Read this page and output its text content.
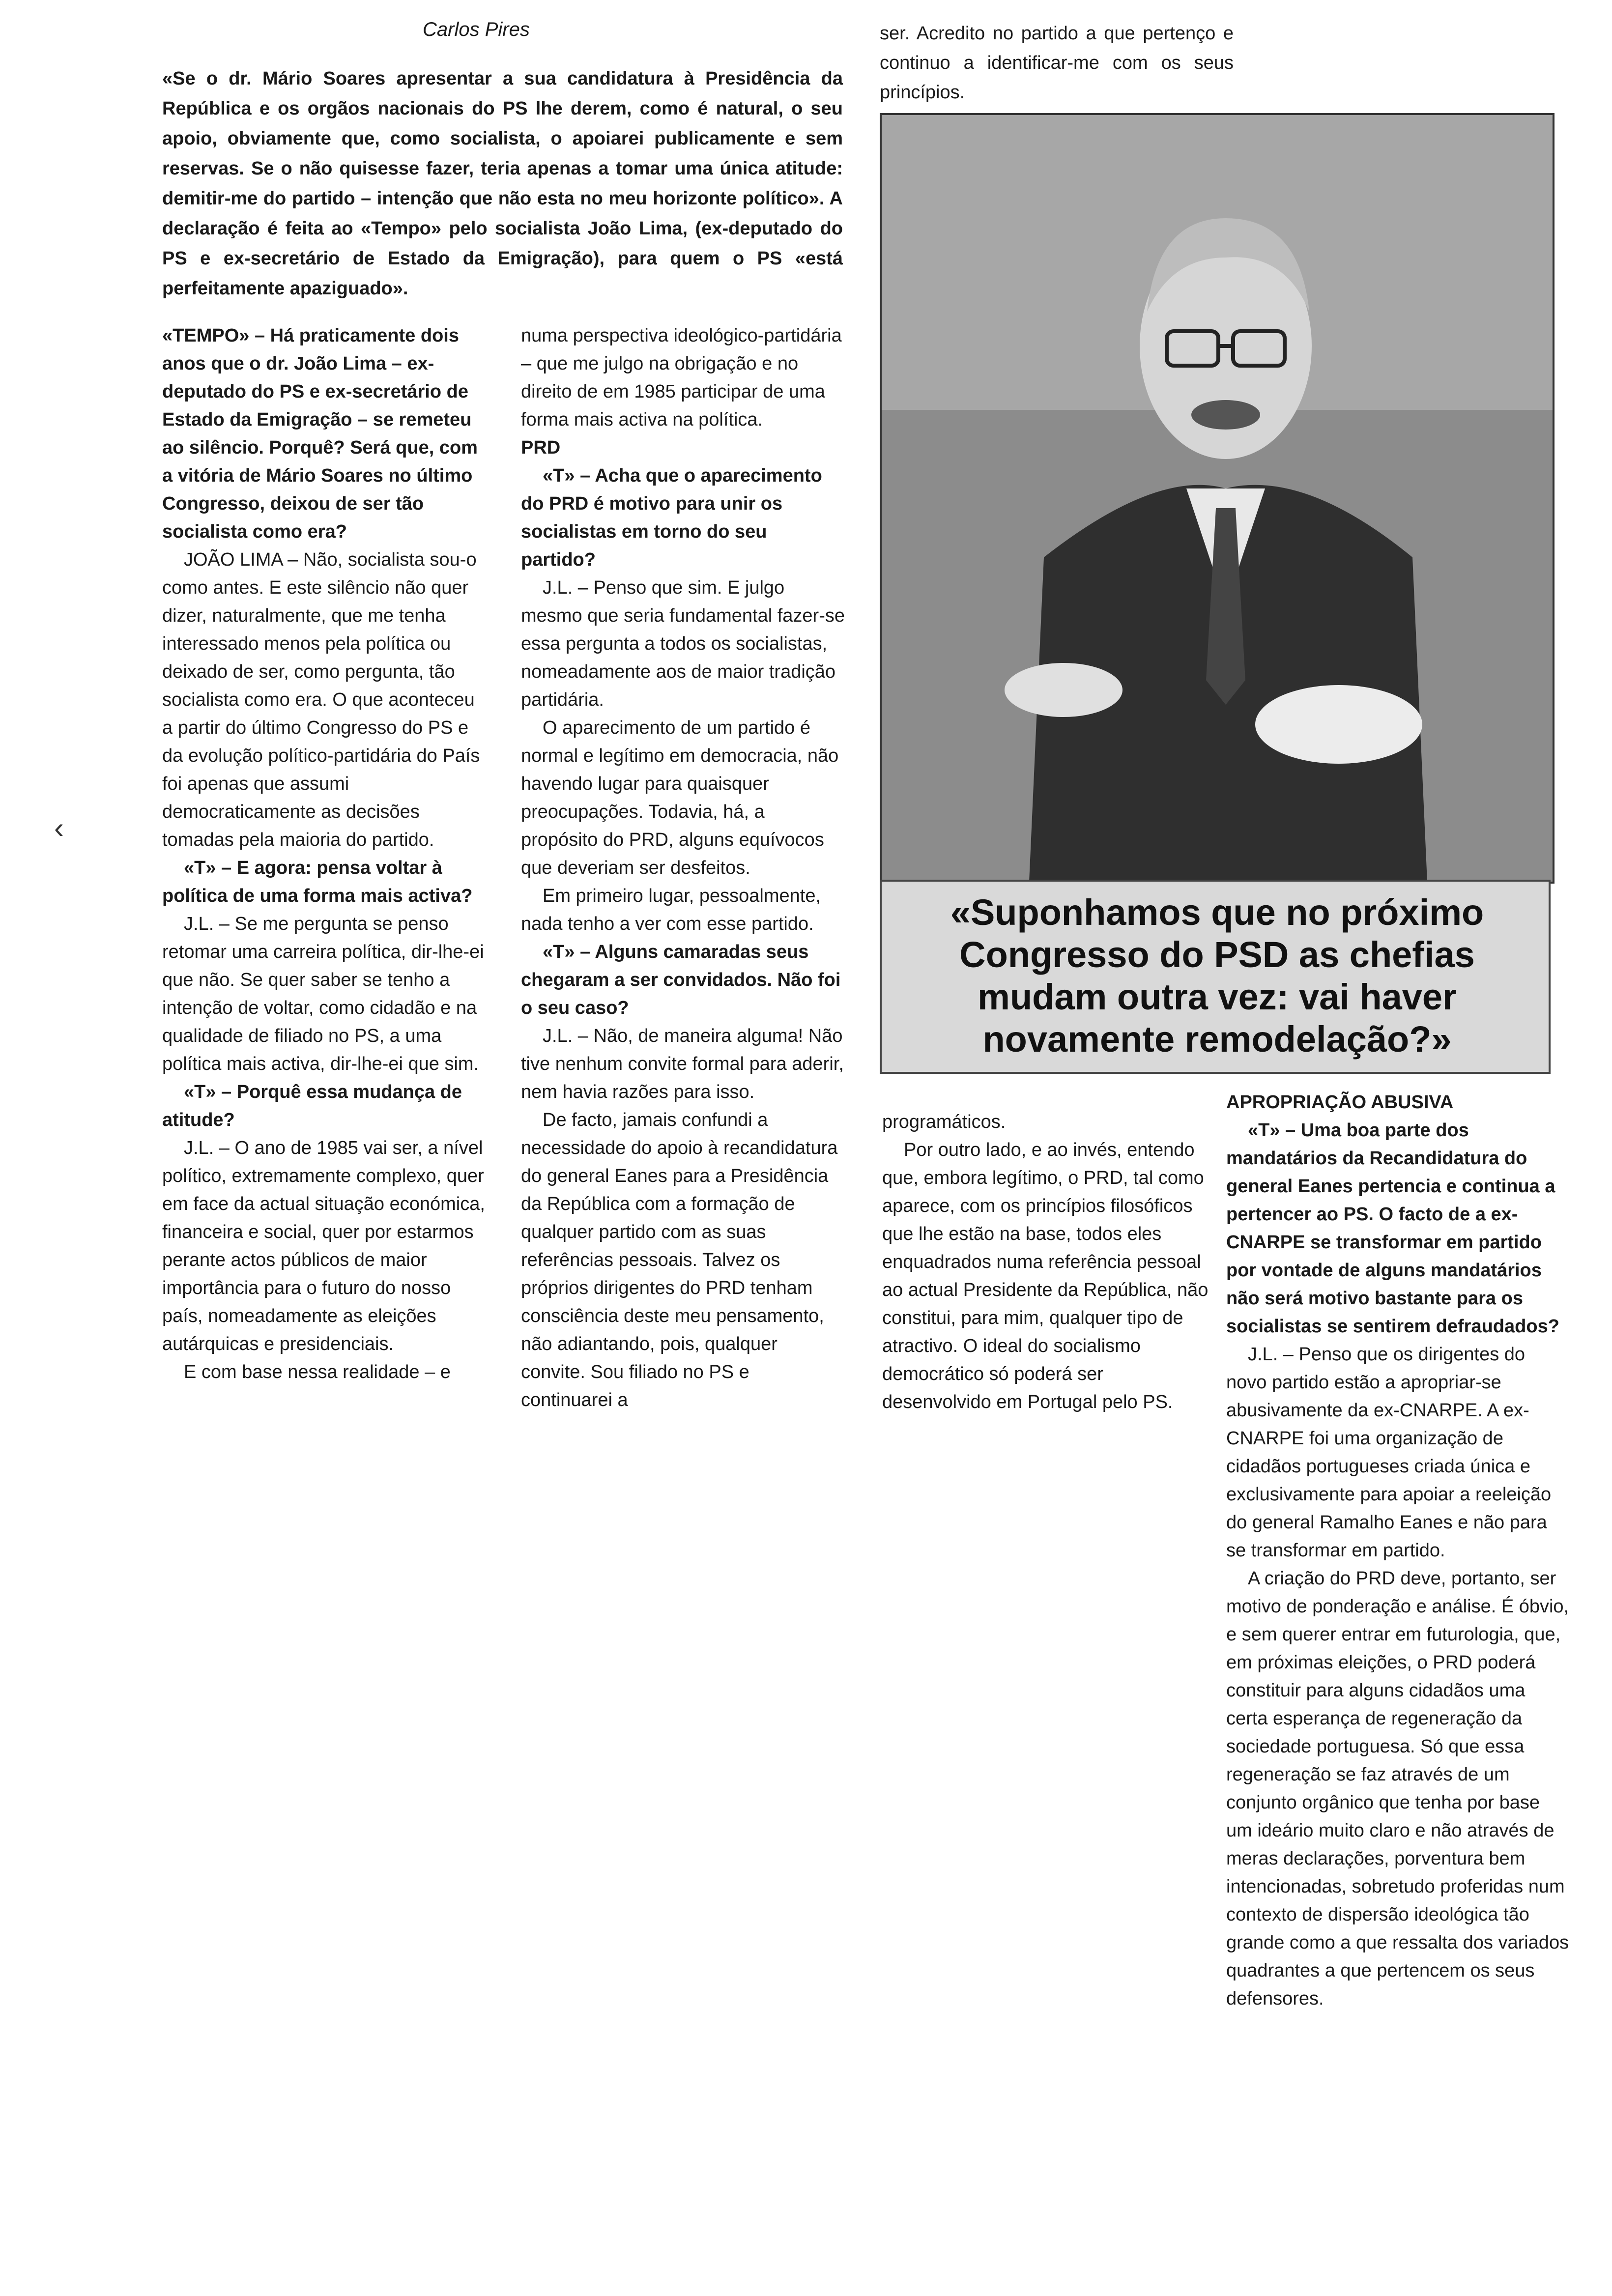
Carlos Pires
«Se o dr. Mário Soares apresentar a sua candidatura à Presidência da República e os orgãos nacionais do PS lhe derem, como é natural, o seu apoio, obviamente que, como socialista, o apoiarei publicamente e sem reservas. Se o não quisesse fazer, teria apenas a tomar uma única atitude: demitir-me do partido – intenção que não esta no meu horizonte político». A declaração é feita ao «Tempo» pelo socialista João Lima, (ex-deputado do PS e ex-secretário de Estado da Emigração), para quem o PS «está perfeitamente apaziguado».
ser. Acredito no partido a que pertenço e continuo a identificar-me com os seus princípios.
«Suponhamos que no próximo Congresso do PSD as chefias mudam outra vez: vai haver novamente remodelação?»

«TEMPO» – Há praticamente dois anos que o dr. João Lima – ex-deputado do PS e ex-secretário de Estado da Emigração – se remeteu ao silêncio. Porquê? Será que, com a vitória de Mário Soares no último Congresso, deixou de ser tão socialista como era?

JOÃO LIMA – Não, socialista sou-o como antes. E este silêncio não quer dizer, naturalmente, que me tenha interessado menos pela política ou deixado de ser, como pergunta, tão socialista como era. O que aconteceu a partir do último Congresso do PS e da evolução político-partidária do País foi apenas que assumi democraticamente as decisões tomadas pela maioria do partido.

«T» – E agora: pensa voltar à política de uma forma mais activa?

J.L. – Se me pergunta se penso retomar uma carreira política, dir-lhe-ei que não. Se quer saber se tenho a intenção de voltar, como cidadão e na qualidade de filiado no PS, a uma política mais activa, dir-lhe-ei que sim.

«T» – Porquê essa mudança de atitude?

J.L. – O ano de 1985 vai ser, a nível político, extremamente complexo, quer em face da actual situação económica, financeira e social, quer por estarmos perante actos públicos de maior importância para o futuro do nosso país, nomeadamente as eleições autárquicas e presidenciais.

E com base nessa realidade – e

numa perspectiva ideológico-partidária – que me julgo na obrigação e no direito de em 1985 participar de uma forma mais activa na política.

PRD

«T» – Acha que o aparecimento do PRD é motivo para unir os socialistas em torno do seu partido?

J.L. – Penso que sim. E julgo mesmo que seria fundamental fazer-se essa pergunta a todos os socialistas, nomeadamente aos de maior tradição partidária.

O aparecimento de um partido é normal e legítimo em democracia, não havendo lugar para quaisquer preocupações. Todavia, há, a propósito do PRD, alguns equívocos que deveriam ser desfeitos.

Em primeiro lugar, pessoalmente, nada tenho a ver com esse partido.

«T» – Alguns camaradas seus chegaram a ser convidados. Não foi o seu caso?

J.L. – Não, de maneira alguma! Não tive nenhum convite formal para aderir, nem havia razões para isso.

De facto, jamais confundi a necessidade do apoio à recandidatura do general Eanes para a Presidência da República com a formação de qualquer partido com as suas referências pessoais. Talvez os próprios dirigentes do PRD tenham consciência deste meu pensamento, não adiantando, pois, qualquer convite. Sou filiado no PS e continuarei a

programáticos.

Por outro lado, e ao invés, entendo que, embora legítimo, o PRD, tal como aparece, com os princípios filosóficos que lhe estão na base, todos eles enquadrados numa referência pessoal ao actual Presidente da República, não constitui, para mim, qualquer tipo de atractivo. O ideal do socialismo democrático só poderá ser desenvolvido em Portugal pelo PS.

APROPRIAÇÃO ABUSIVA

«T» – Uma boa parte dos mandatários da Recandidatura do general Eanes pertencia e continua a pertencer ao PS. O facto de a ex-CNARPE se transformar em partido por vontade de alguns mandatários não será motivo bastante para os socialistas se sentirem defraudados?

J.L. – Penso que os dirigentes do novo partido estão a apropriar-se abusivamente da ex-CNARPE. A ex-CNARPE foi uma organização de cidadãos portugueses criada única e exclusivamente para apoiar a reeleição do general Ramalho Eanes e não para se transformar em partido.

A criação do PRD deve, portanto, ser motivo de ponderação e análise. É óbvio, e sem querer entrar em futurologia, que, em próximas eleições, o PRD poderá constituir para alguns cidadãos uma certa esperança de regeneração da sociedade portuguesa. Só que essa regeneração se faz através de um conjunto orgânico que tenha por base um ideário muito claro e não através de meras declarações, porventura bem intencionadas, sobretudo proferidas num contexto de dispersão ideológica tão grande como a que ressalta dos variados quadrantes a que pertencem os seus defensores.

‹
